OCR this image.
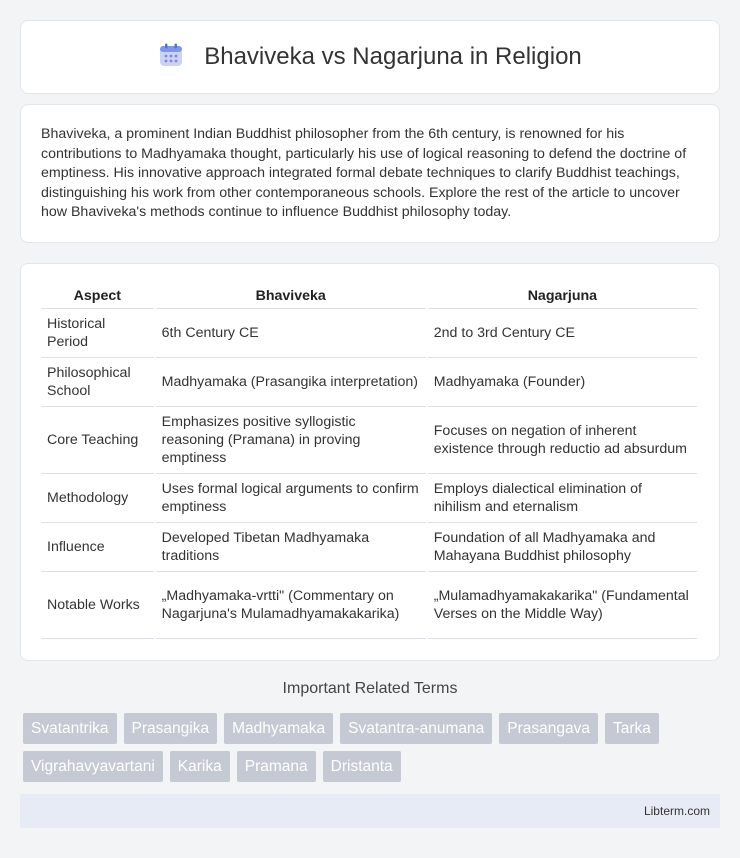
Bhaviveka vs Nagarjuna in Religion

Bhaviveka, a prominent Indian Buddhist philosopher from the 6th century, is renowned for his contributions to Madhyamaka thought, particularly his use of logical reasoning to defend the doctrine of emptiness. His innovative approach integrated formal debate techniques to clarify Buddhist teachings, distinguishing his work from other contemporaneous schools. Explore the rest of the article to uncover how Bhaviveka's methods continue to influence Buddhist philosophy today.

Aspect	Bhaviveka	Nagarjuna
Historical Period	6th Century CE	2nd to 3rd Century CE
Philosophical School	Madhyamaka (Prasangika interpretation)	Madhyamaka (Founder)
Core Teaching	Emphasizes positive syllogistic reasoning (Pramana) in proving emptiness	Focuses on negation of inherent existence through reductio ad absurdum
Methodology	Uses formal logical arguments to confirm emptiness	Employs dialectical elimination of nihilism and eternalism
Influence	Developed Tibetan Madhyamaka traditions	Foundation of all Madhyamaka and Mahayana Buddhist philosophy
Notable Works	„Madhyamaka-vrtti" (Commentary on Nagarjuna's Mulamadhyamakakarika)	„Mulamadhyamakakarika" (Fundamental Verses on the Middle Way)
Important Related Terms
Svatantrika	Prasangika	Madhyamaka	Svatantra-anumana	Prasangava	Tarka
Vigrahavyavartani	Karika	Pramana	Dristanta
Libterm.com
